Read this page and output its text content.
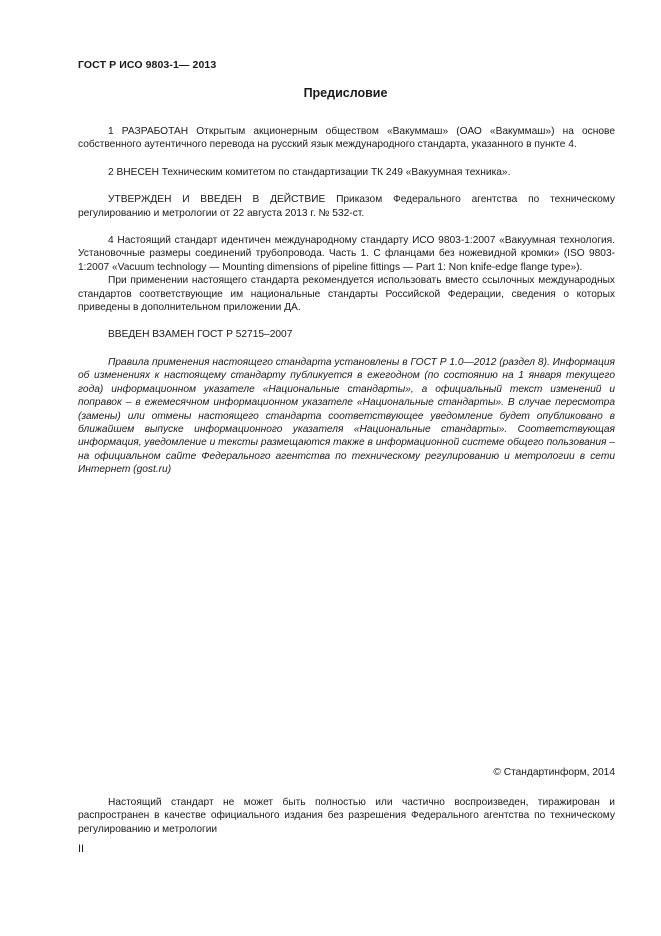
ГОСТ Р ИСО 9803-1— 2013
Предисловие

1 РАЗРАБОТАН Открытым акционерным обществом «Вакуммаш» (ОАО «Вакуммаш») на основе собственного аутентичного перевода на русский язык международного стандарта, указанного в пункте 4.

2 ВНЕСЕН Техническим комитетом по стандартизации ТК 249 «Вакуумная техника».

УТВЕРЖДЕН И ВВЕДЕН В ДЕЙСТВИЕ Приказом Федерального агентства по техническому регулированию и метрологии от 22 августа 2013 г. № 532-ст.

4 Настоящий стандарт идентичен международному стандарту ИСО 9803-1:2007 «Вакуумная технология. Установочные размеры соединений трубопровода. Часть 1. С фланцами без ножевидной кромки» (ISO 9803-1:2007 «Vacuum technology — Mounting dimensions of pipeline fittings — Part 1: Non knife-edge flange type»).

При применении настоящего стандарта рекомендуется использовать вместо ссылочных международных стандартов соответствующие им национальные стандарты Российской Федерации, сведения о которых приведены в дополнительном приложении ДА.

ВВЕДЕН ВЗАМЕН ГОСТ Р 52715–2007

Правила применения настоящего стандарта установлены в ГОСТ Р 1.0—2012 (раздел 8). Информация об изменениях к настоящему стандарту публикуется в ежегодном (по состоянию на 1 января текущего года) информационном указателе «Национальные стандарты», а официальный текст изменений и поправок – в ежемесячном информационном указателе «Национальные стандарты». В случае пересмотра (замены) или отмены настоящего стандарта соответствующее уведомление будет опубликовано в ближайшем выпуске информационного указателя «Национальные стандарты». Соответствующая информация, уведомление и тексты размещаются также в информационной системе общего пользования – на официальном сайте Федерального агентства по техническому регулированию и метрологии в сети Интернет (gost.ru)

© Стандартинформ, 2014

Настоящий стандарт не может быть полностью или частично воспроизведен, тиражирован и распространен в качестве официального издания без разрешения Федерального агентства по техническому регулированию и метрологии

II
